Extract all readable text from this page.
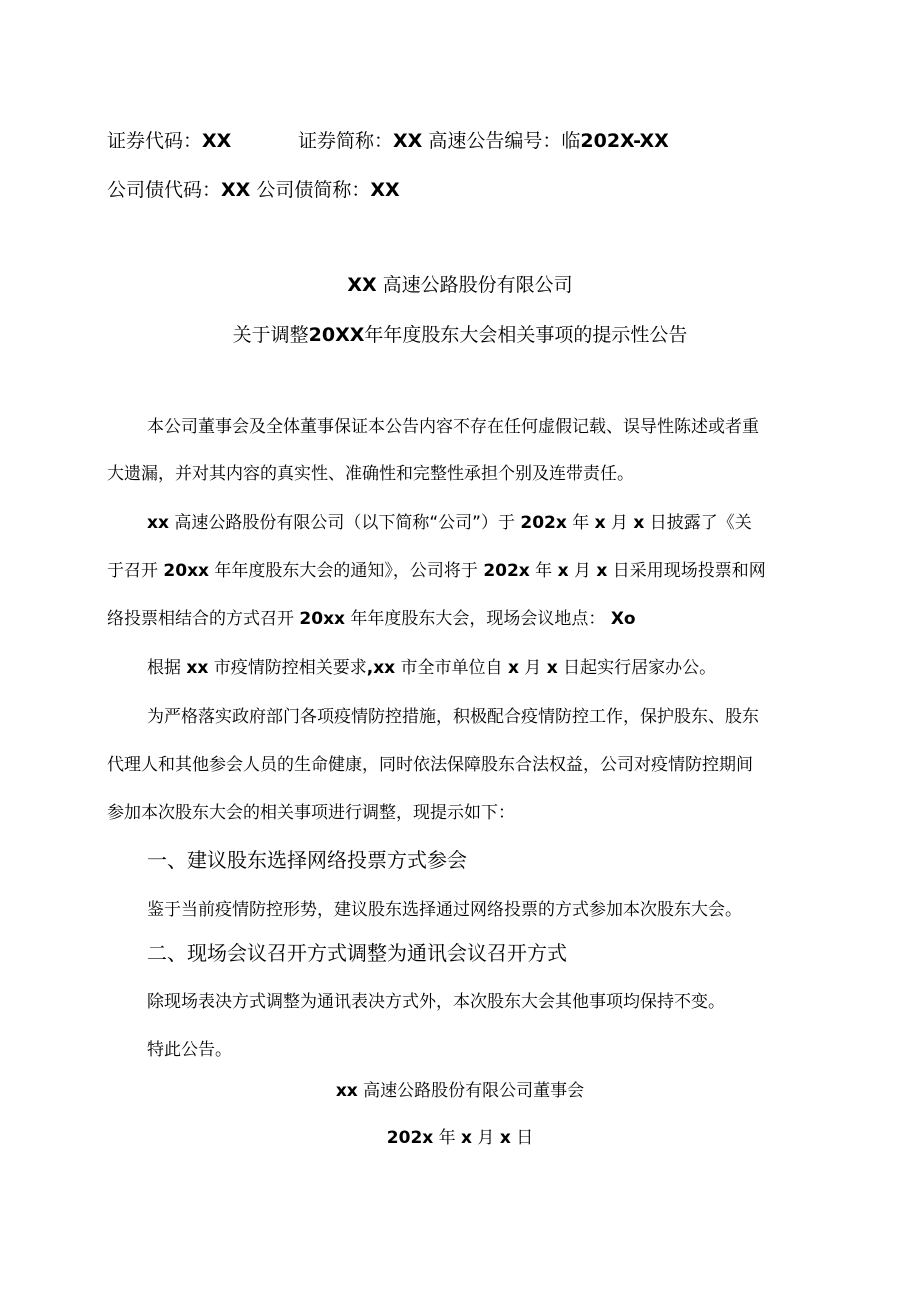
证券代码：XX	证券简称：XX 高速公告编号：临202X-XX
公司债代码：XX 公司债简称：XX
XX 高速公路股份有限公司
关于调整20XX年年度股东大会相关事项的提示性公告
本公司董事会及全体董事保证本公告内容不存在任何虚假记载、误导性陈述或者重
大遗漏，并对其内容的真实性、准确性和完整性承担个别及连带责任。
xx 高速公路股份有限公司（以下简称“公司”）于 202x 年 x 月 x 日披露了《关
于召开 20xx 年年度股东大会的通知》，公司将于 202x 年 x 月 x 日采用现场投票和网
络投票相结合的方式召开 20xx 年年度股东大会，现场会议地点： Xo
根据 xx 市疫情防控相关要求,xx 市全市单位自 x 月 x 日起实行居家办公。
为严格落实政府部门各项疫情防控措施，积极配合疫情防控工作，保护股东、股东
代理人和其他参会人员的生命健康，同时依法保障股东合法权益，公司对疫情防控期间
参加本次股东大会的相关事项进行调整，现提示如下：
一、建议股东选择网络投票方式参会
鉴于当前疫情防控形势，建议股东选择通过网络投票的方式参加本次股东大会。
二、现场会议召开方式调整为通讯会议召开方式
除现场表决方式调整为通讯表决方式外，本次股东大会其他事项均保持不变。
特此公告。
xx 高速公路股份有限公司董事会
202x 年 x 月 x 日
